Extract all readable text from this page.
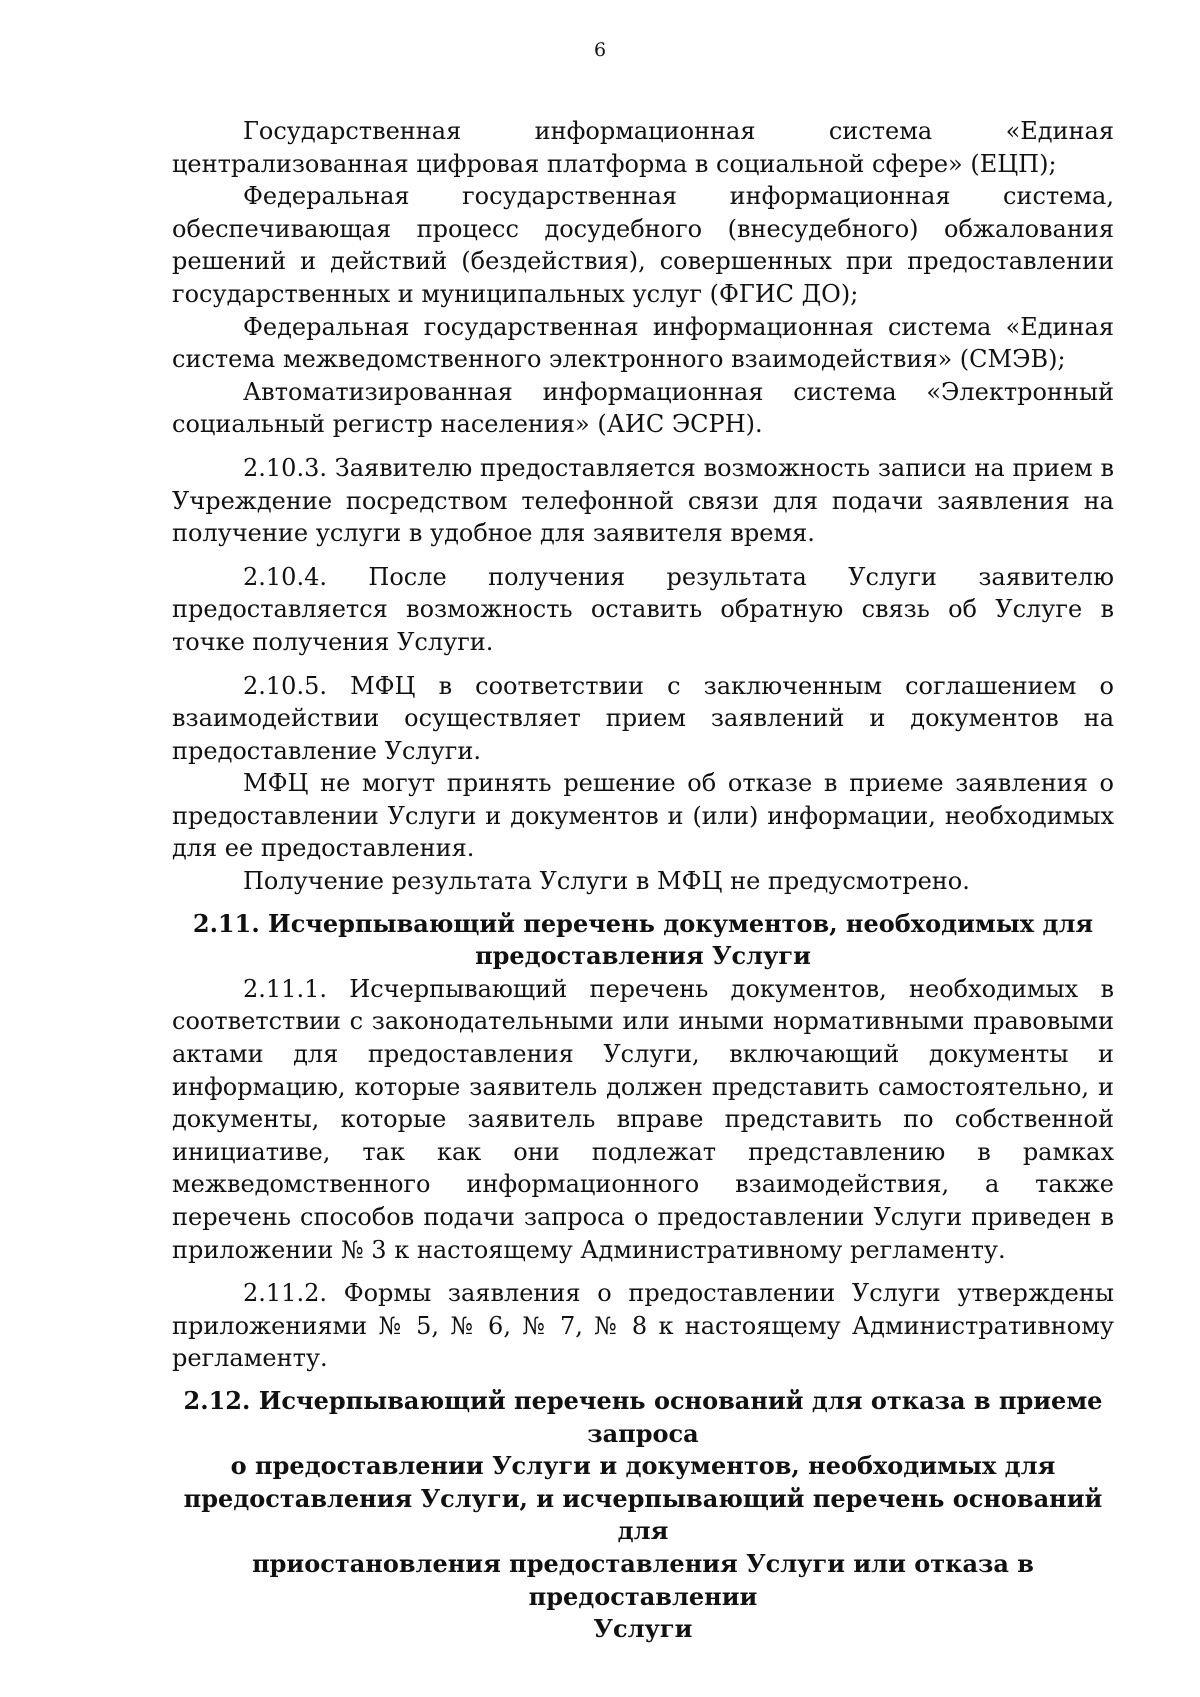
6

Государственная информационная система «Единая централизованная цифровая платформа в социальной сфере» (ЕЦП);

Федеральная государственная информационная система, обеспечивающая процесс досудебного (внесудебного) обжалования решений и действий (бездействия), совершенных при предоставлении государственных и муниципальных услуг (ФГИС ДО);

Федеральная государственная информационная система «Единая система межведомственного электронного взаимодействия» (СМЭВ);

Автоматизированная информационная система «Электронный социальный регистр населения» (АИС ЭСРН).

2.10.3. Заявителю предоставляется возможность записи на прием в Учреждение посредством телефонной связи для подачи заявления на получение услуги в удобное для заявителя время.

2.10.4. После получения результата Услуги заявителю предоставляется возможность оставить обратную связь об Услуге в точке получения Услуги.

2.10.5. МФЦ в соответствии с заключенным соглашением о взаимодействии осуществляет прием заявлений и документов на предоставление Услуги.

МФЦ не могут принять решение об отказе в приеме заявления о предоставлении Услуги и документов и (или) информации, необходимых для ее предоставления.

Получение результата Услуги в МФЦ не предусмотрено.

2.11. Исчерпывающий перечень документов, необходимых для
предоставления Услуги

2.11.1. Исчерпывающий перечень документов, необходимых в соответствии с законодательными или иными нормативными правовыми актами для предоставления Услуги, включающий документы и информацию, которые заявитель должен представить самостоятельно, и документы, которые заявитель вправе представить по собственной инициативе, так как они подлежат представлению в рамках межведомственного информационного взаимодействия, а также перечень способов подачи запроса о предоставлении Услуги приведен в приложении № 3 к настоящему Административному регламенту.

2.11.2. Формы заявления о предоставлении Услуги утверждены приложениями № 5, № 6, № 7, № 8 к настоящему Административному регламенту.

2.12. Исчерпывающий перечень оснований для отказа в приеме запроса
о предоставлении Услуги и документов, необходимых для
предоставления Услуги, и исчерпывающий перечень оснований для
приостановления предоставления Услуги или отказа в предоставлении
Услуги
